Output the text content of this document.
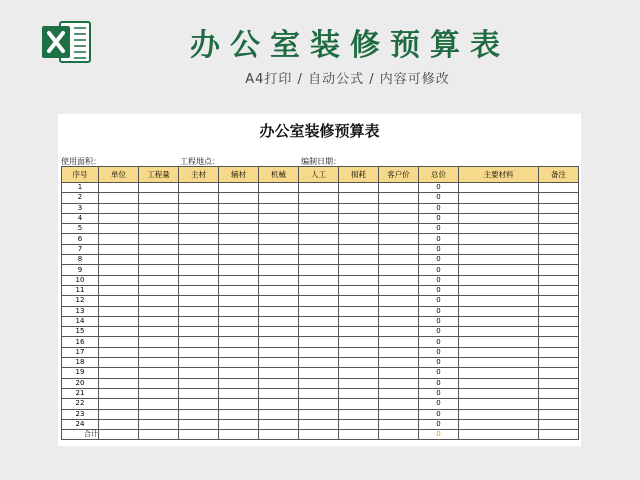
办公室装修预算表
A4打印 / 自动公式 / 内容可修改
办公室装修预算表
使用面积：	工程地点：	编制日期：
序号	单位	工程量	主材	辅材	机械	人工	损耗	客户价	总价	主要材料	备注
1									0		
2									0		
3									0		
4									0		
5									0		
6									0		
7									0		
8									0		
9									0		
10									0		
11									0		
12									0		
13									0		
14									0		
15									0		
16									0		
17									0		
18									0		
19									0		
20									0		
21									0		
22									0		
23									0		
24									0		
合计									0		
